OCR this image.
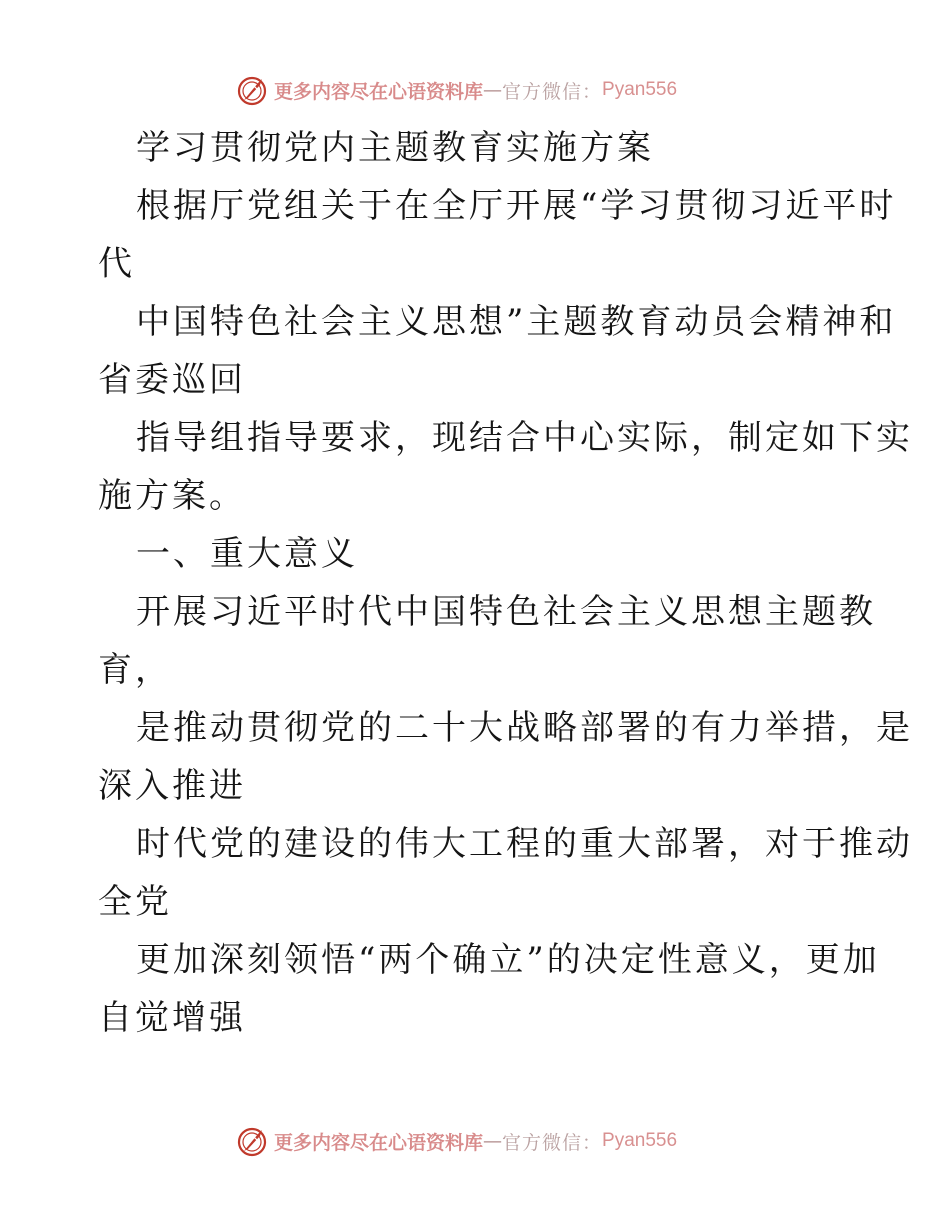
更多内容尽在心语资料库 — 官方微信： Pyan556
学习贯彻党内主题教育实施方案
根据厅党组关于在全厅开展“学习贯彻习近平时
代
中国特色社会主义思想”主题教育动员会精神和
省委巡回
指导组指导要求，现结合中心实际，制定如下实
施方案。
一、重大意义
开展习近平时代中国特色社会主义思想主题教
育，
是推动贯彻党的二十大战略部署的有力举措，是
深入推进
时代党的建设的伟大工程的重大部署，对于推动
全党
更加深刻领悟“两个确立”的决定性意义，更加
自觉增强
更多内容尽在心语资料库 — 官方微信： Pyan556
